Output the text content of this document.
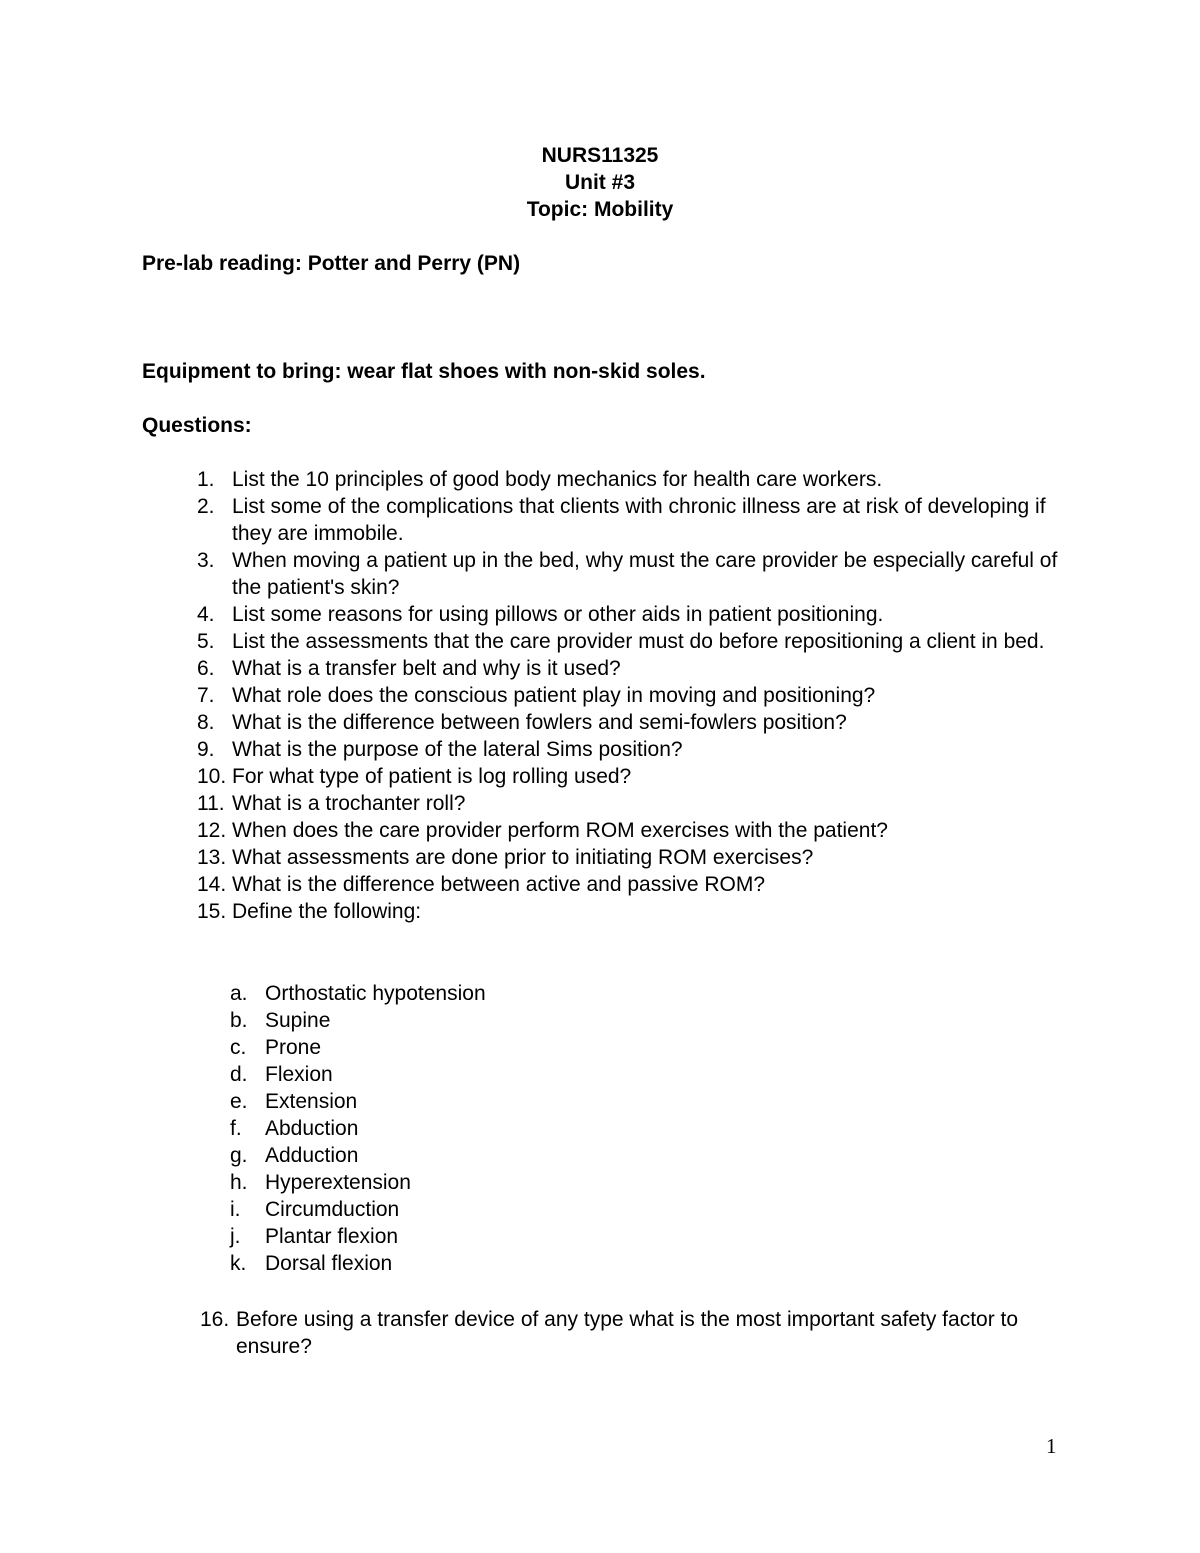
NURS11325
Unit #3
Topic: Mobility
Pre-lab reading: Potter and Perry (PN)
Equipment to bring: wear flat shoes with non-skid soles.
Questions:
1. List the 10 principles of good body mechanics for health care workers.
2. List some of the complications that clients with chronic illness are at risk of developing if they are immobile.
3. When moving a patient up in the bed, why must the care provider be especially careful of the patient's skin?
4. List some reasons for using pillows or other aids in patient positioning.
5. List the assessments that the care provider must do before repositioning a client in bed.
6. What is a transfer belt and why is it used?
7. What role does the conscious patient play in moving and positioning?
8. What is the difference between fowlers and semi-fowlers position?
9. What is the purpose of the lateral Sims position?
10. For what type of patient is log rolling used?
11. What is a trochanter roll?
12. When does the care provider perform ROM exercises with the patient?
13. What assessments are done prior to initiating ROM exercises?
14. What is the difference between active and passive ROM?
15. Define the following:
a. Orthostatic hypotension
b. Supine
c. Prone
d. Flexion
e. Extension
f. Abduction
g. Adduction
h. Hyperextension
i. Circumduction
j. Plantar flexion
k. Dorsal flexion
16. Before using a transfer device of any type what is the most important safety factor to ensure?
1
